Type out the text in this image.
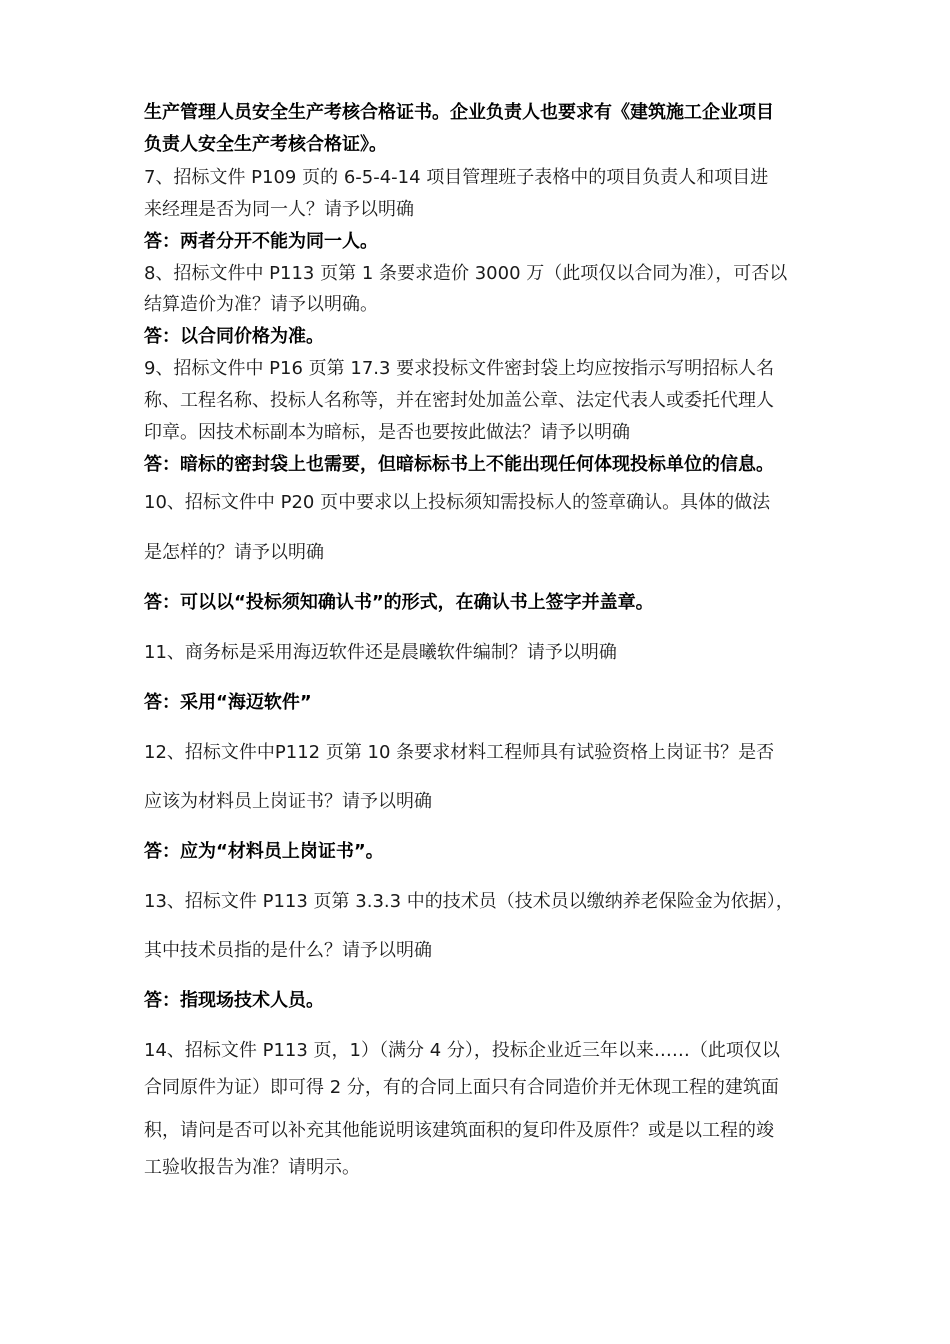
生产管理人员安全生产考核合格证书。企业负责人也要求有《建筑施工企业项目
负责人安全生产考核合格证》。
7、招标文件 P109 页的 6-5-4-14 项目管理班子表格中的项目负责人和项目进
来经理是否为同一人？请予以明确
答：两者分开不能为同一人。
8、招标文件中 P113 页第 1 条要求造价 3000 万（此项仅以合同为准），可否以
结算造价为准？请予以明确。
答：以合同价格为准。
9、招标文件中 P16 页第 17.3 要求投标文件密封袋上均应按指示写明招标人名
称、工程名称、投标人名称等，并在密封处加盖公章、法定代表人或委托代理人
印章。因技术标副本为暗标，是否也要按此做法？请予以明确
答：暗标的密封袋上也需要，但暗标标书上不能出现任何体现投标单位的信息。
10、招标文件中 P20 页中要求以上投标须知需投标人的签章确认。具体的做法
是怎样的？请予以明确
答：可以以“投标须知确认书”的形式，在确认书上签字并盖章。
11、商务标是采用海迈软件还是晨曦软件编制？请予以明确
答：采用“海迈软件”
12、招标文件中P112 页第 10 条要求材料工程师具有试验资格上岗证书？是否
应该为材料员上岗证书？请予以明确
答：应为“材料员上岗证书”。
13、招标文件 P113 页第 3.3.3 中的技术员（技术员以缴纳养老保险金为依据），
其中技术员指的是什么？请予以明确
答：指现场技术人员。
14、招标文件 P113 页，1）（满分 4 分），投标企业近三年以来……（此项仅以
合同原件为证）即可得 2 分，有的合同上面只有合同造价并无休现工程的建筑面
积，请问是否可以补充其他能说明该建筑面积的复印件及原件？或是以工程的竣
工验收报告为准？请明示。
